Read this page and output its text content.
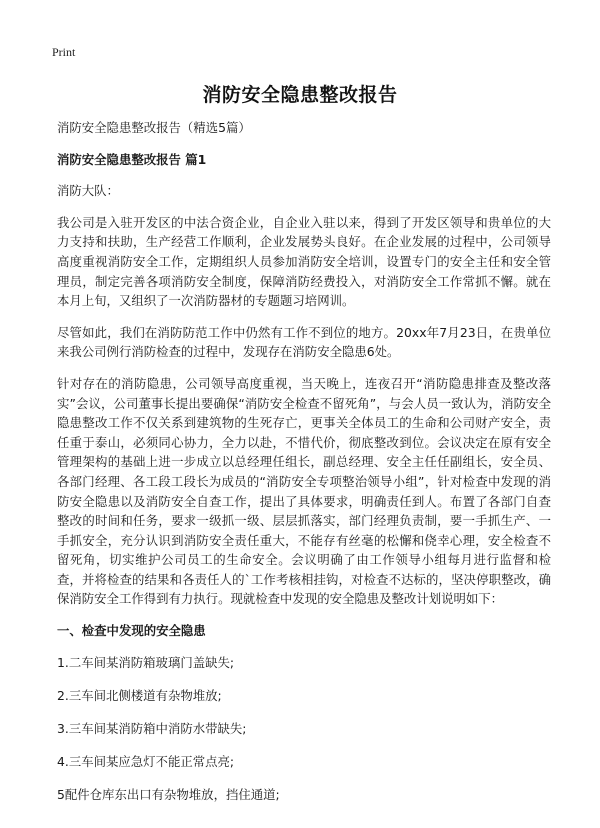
Print
消防安全隐患整改报告

消防安全隐患整改报告（精选5篇）

消防安全隐患整改报告 篇1

消防大队：

我公司是入驻开发区的中法合资企业，自企业入驻以来，得到了开发区领导和贵单位的大力支持和扶助，生产经营工作顺利，企业发展势头良好。在企业发展的过程中，公司领导高度重视消防安全工作，定期组织人员参加消防安全培训，设置专门的安全主任和安全管理员，制定完善各项消防安全制度，保障消防经费投入，对消防安全工作常抓不懈。就在本月上旬，又组织了一次消防器材的专题题习培网训。

尽管如此，我们在消防防范工作中仍然有工作不到位的地方。20xx年7月23日，在贵单位来我公司例行消防检查的过程中，发现存在消防安全隐患6处。

针对存在的消防隐患，公司领导高度重视，当天晚上，连夜召开“消防隐患排查及整改落实”会议，公司董事长提出要确保“消防安全检查不留死角”，与会人员一致认为，消防安全隐患整改工作不仅关系到建筑物的生死存亡，更事关全体员工的生命和公司财产安全，责任重于泰山，必须同心协力，全力以赴，不惜代价，彻底整改到位。会议决定在原有安全管理架构的基础上进一步成立以总经理任组长，副总经理、安全主任任副组长，安全员、各部门经理、各工段工段长为成员的“消防安全专项整治领导小组”，针对检查中发现的消防安全隐患以及消防安全自查工作，提出了具体要求，明确责任到人。布置了各部门自查整改的时间和任务，要求一级抓一级、层层抓落实，部门经理负责制，要一手抓生产、一手抓安全，充分认识到消防安全责任重大，不能存有丝毫的松懈和侥幸心理，安全检查不留死角，切实维护公司员工的生命安全。会议明确了由工作领导小组每月进行监督和检查，并将检查的结果和各责任人的`工作考核相挂钩，对检查不达标的，坚决停职整改，确保消防安全工作得到有力执行。现就检查中发现的安全隐患及整改计划说明如下：

一、检查中发现的安全隐患

1.二车间某消防箱玻璃门盖缺失;

2.三车间北侧楼道有杂物堆放;

3.三车间某消防箱中消防水带缺失;

4.三车间某应急灯不能正常点亮;

5配件仓库东出口有杂物堆放，挡住通道;
